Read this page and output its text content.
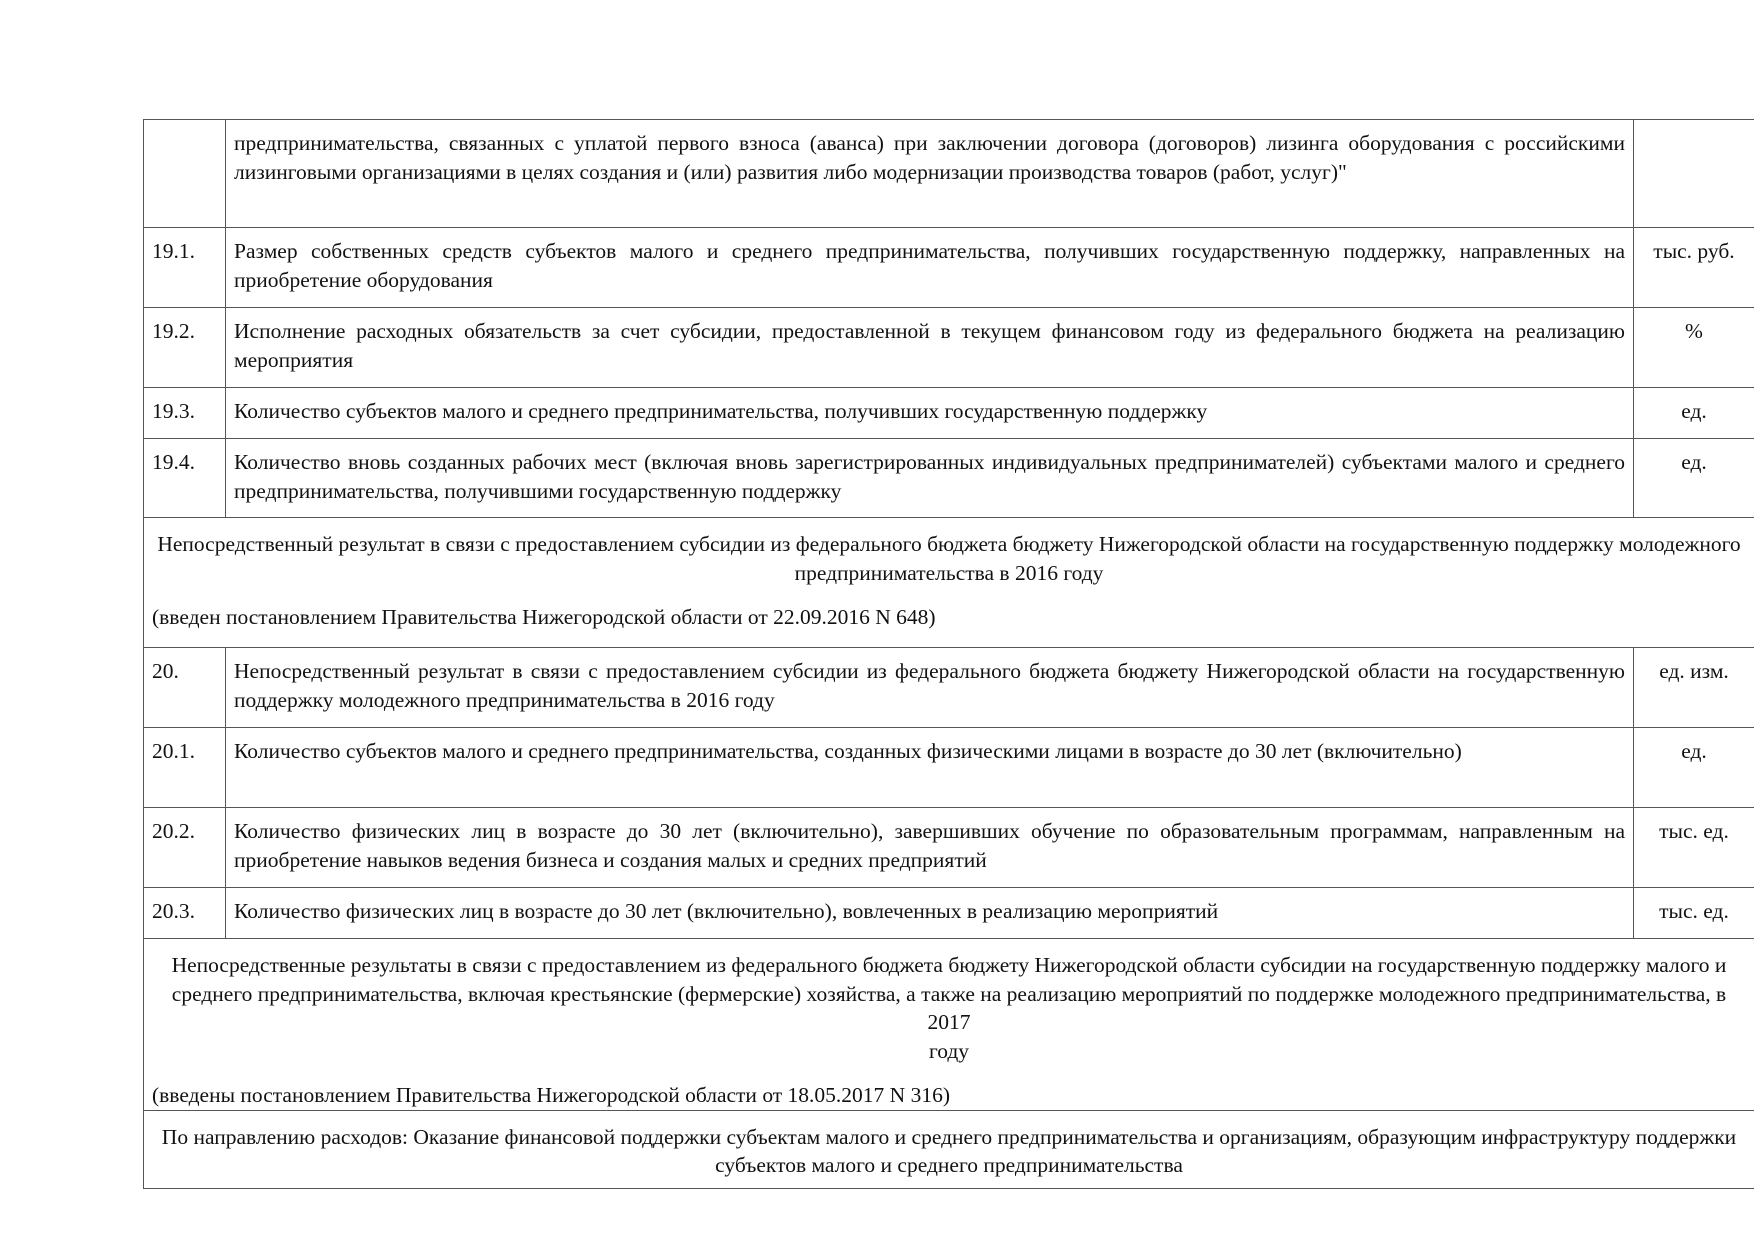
	предпринимательства, связанных с уплатой первого взноса (аванса) при заключении договора (договоров) лизинга оборудования с российскими лизинговыми организациями в целях создания и (или) развития либо модернизации производства товаров (работ, услуг)"	
19.1.	Размер собственных средств субъектов малого и среднего предпринимательства, получивших государственную поддержку, направленных на приобретение оборудования	тыс. руб.
19.2.	Исполнение расходных обязательств за счет субсидии, предоставленной в текущем финансовом году из федерального бюджета на реализацию мероприятия	%
19.3.	Количество субъектов малого и среднего предпринимательства, получивших государственную поддержку	ед.
19.4.	Количество вновь созданных рабочих мест (включая вновь зарегистрированных индивидуальных предпринимателей) субъектами малого и среднего предпринимательства, получившими государственную поддержку	ед.

Непосредственный результат в связи с предоставлением субсидии из федерального бюджета бюджету Нижегородской области на государственную поддержку молодежного
предпринимательства в 2016 году
(введен постановлением Правительства Нижегородской области от 22.09.2016 N 648)		

20.	Непосредственный результат в связи с предоставлением субсидии из федерального бюджета бюджету Нижегородской области на государственную поддержку молодежного предпринимательства в 2016 году	ед. изм.
20.1.	Количество субъектов малого и среднего предпринимательства, созданных физическими лицами в возрасте до 30 лет (включительно)	ед.
20.2.	Количество физических лиц в возрасте до 30 лет (включительно), завершивших обучение по образовательным программам, направленным на приобретение навыков ведения бизнеса и создания малых и средних предприятий	тыс. ед.
20.3.	Количество физических лиц в возрасте до 30 лет (включительно), вовлеченных в реализацию мероприятий	тыс. ед.

Непосредственные результаты в связи с предоставлением из федерального бюджета бюджету Нижегородской области субсидии на государственную поддержку малого и
среднего предпринимательства, включая крестьянские (фермерские) хозяйства, а также на реализацию мероприятий по поддержке молодежного предпринимательства, в 2017
году
(введены постановлением Правительства Нижегородской области от 18.05.2017 N 316)		

По направлению расходов: Оказание финансовой поддержки субъектам малого и среднего предпринимательства и организациям, образующим инфраструктуру поддержки
субъектов малого и среднего предпринимательства		
